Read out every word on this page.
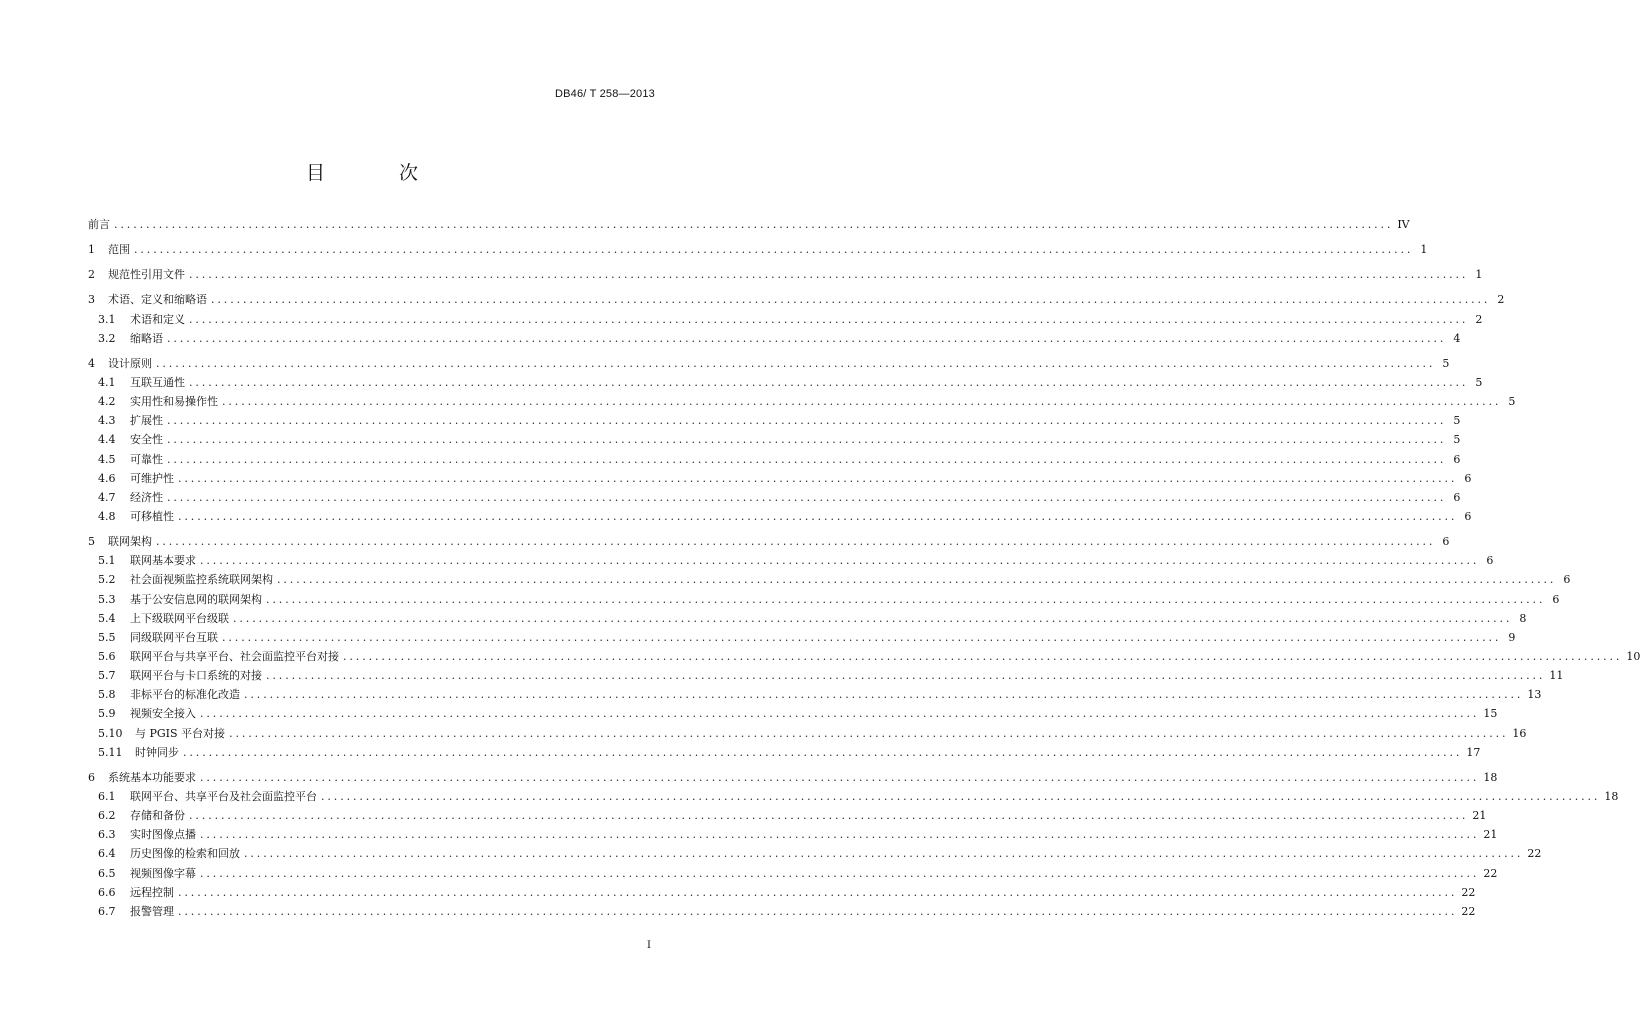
DB46/ T 258—2013
目 次
前言 ........................................................................................................................................................................................................ IV
1	范围 ........................................................................................................................................................................................................ 1
2	规范性引用文件 ........................................................................................................................................................................................................ 1
3	术语、定义和缩略语 ........................................................................................................................................................................................................ 2
3.1	术语和定义 ........................................................................................................................................................................................................ 2
3.2	缩略语 ........................................................................................................................................................................................................ 4
4	设计原则 ........................................................................................................................................................................................................ 5
4.1	互联互通性 ........................................................................................................................................................................................................ 5
4.2	实用性和易操作性 ........................................................................................................................................................................................................ 5
4.3	扩展性 ........................................................................................................................................................................................................ 5
4.4	安全性 ........................................................................................................................................................................................................ 5
4.5	可靠性 ........................................................................................................................................................................................................ 6
4.6	可维护性 ........................................................................................................................................................................................................ 6
4.7	经济性 ........................................................................................................................................................................................................ 6
4.8	可移植性 ........................................................................................................................................................................................................ 6
5	联网架构 ........................................................................................................................................................................................................ 6
5.1	联网基本要求 ........................................................................................................................................................................................................ 6
5.2	社会面视频监控系统联网架构 ........................................................................................................................................................................................................ 6
5.3	基于公安信息网的联网架构 ........................................................................................................................................................................................................ 6
5.4	上下级联网平台级联 ........................................................................................................................................................................................................ 8
5.5	同级联网平台互联 ........................................................................................................................................................................................................ 9
5.6	联网平台与共享平台、社会面监控平台对接 ........................................................................................................................................................................................................ 10
5.7	联网平台与卡口系统的对接 ........................................................................................................................................................................................................ 11
5.8	非标平台的标准化改造 ........................................................................................................................................................................................................ 13
5.9	视频安全接入 ........................................................................................................................................................................................................ 15
5.10	与 PGIS 平台对接 ........................................................................................................................................................................................................ 16
5.11	时钟同步 ........................................................................................................................................................................................................ 17
6	系统基本功能要求 ........................................................................................................................................................................................................ 18
6.1	联网平台、共享平台及社会面监控平台 ........................................................................................................................................................................................................ 18
6.2	存储和备份 ........................................................................................................................................................................................................ 21
6.3	实时图像点播 ........................................................................................................................................................................................................ 21
6.4	历史图像的检索和回放 ........................................................................................................................................................................................................ 22
6.5	视频图像字幕 ........................................................................................................................................................................................................ 22
6.6	远程控制 ........................................................................................................................................................................................................ 22
6.7	报警管理 ........................................................................................................................................................................................................ 22
I
